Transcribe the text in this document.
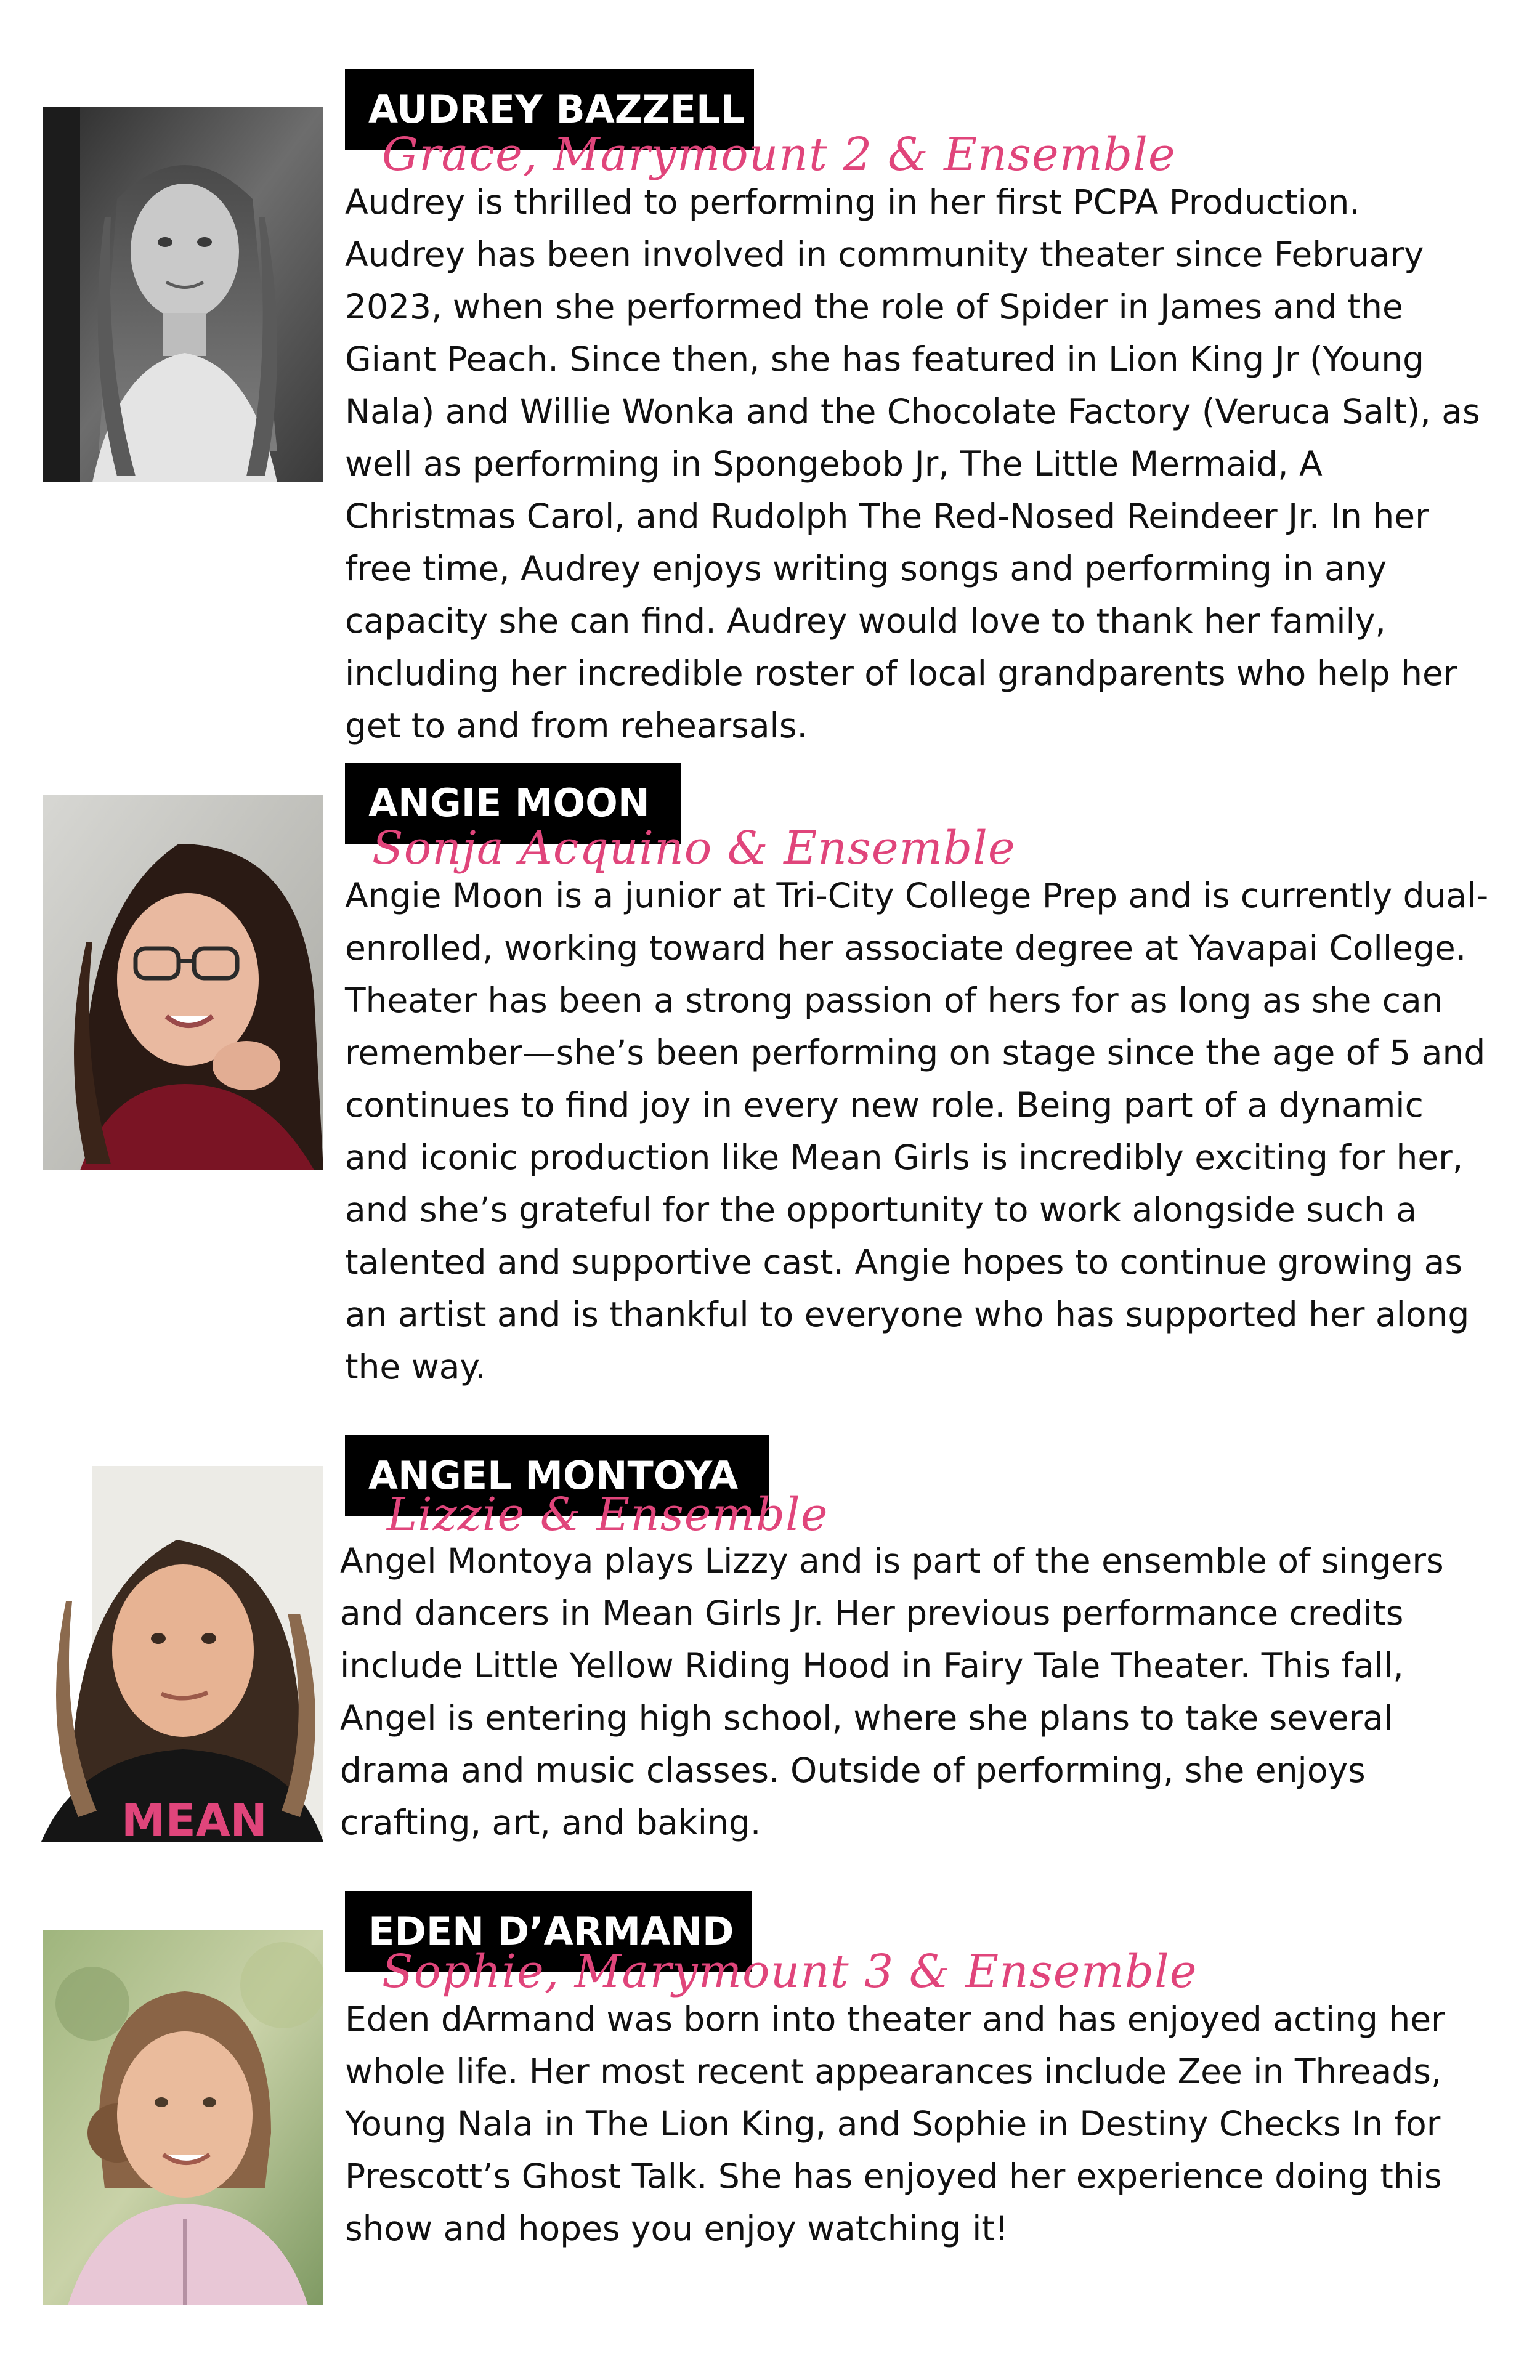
AUDREY BAZZELL
Grace, Marymount 2 & Ensemble

Audrey is thrilled to performing in her first PCPA Production. Audrey has been involved in community theater since February 2023, when she performed the role of Spider in James and the Giant Peach. Since then, she has featured in Lion King Jr (Young Nala) and Willie Wonka and the Chocolate Factory (Veruca Salt), as well as performing in Spongebob Jr, The Little Mermaid, A Christmas Carol, and Rudolph The Red-Nosed Reindeer Jr. In her free time, Audrey enjoys writing songs and performing in any capacity she can find. Audrey would love to thank her family, including her incredible roster of local grandparents who help her get to and from rehearsals.

ANGIE MOON
Sonja Acquino & Ensemble

Angie Moon is a junior at Tri-City College Prep and is currently dual-enrolled, working toward her associate degree at Yavapai College. Theater has been a strong passion of hers for as long as she can remember—she’s been performing on stage since the age of 5 and continues to find joy in every new role. Being part of a dynamic and iconic production like Mean Girls is incredibly exciting for her, and she’s grateful for the opportunity to work alongside such a talented and supportive cast. Angie hopes to continue growing as an artist and is thankful to everyone who has supported her along the way.

MEAN
ANGEL MONTOYA
Lizzie & Ensemble

Angel Montoya plays Lizzy and is part of the ensemble of singers and dancers in Mean Girls Jr. Her previous performance credits include Little Yellow Riding Hood in Fairy Tale Theater. This fall, Angel is entering high school, where she plans to take several drama and music classes. Outside of performing, she enjoys crafting, art, and baking.

EDEN D’ARMAND
Sophie, Marymount 3 & Ensemble

Eden dArmand was born into theater and has enjoyed acting her whole life. Her most recent appearances include Zee in Threads, Young Nala in The Lion King, and Sophie in Destiny Checks In for Prescott’s Ghost Talk. She has enjoyed her experience doing this show and hopes you enjoy watching it!
